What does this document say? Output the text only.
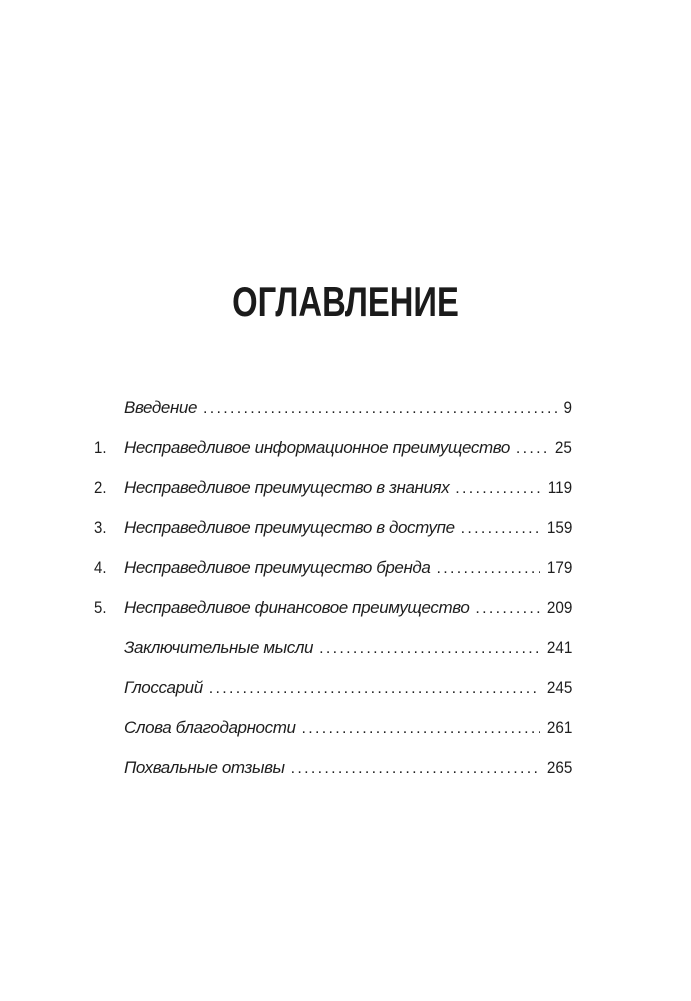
ОГЛАВЛЕНИЕ
Введение .....	9
1.	Несправедливое информационное преимущество .....	25
2.	Несправедливое преимущество в знаниях .....	119
3.	Несправедливое преимущество в доступе .....	159
4.	Несправедливое преимущество бренда .....	179
5.	Несправедливое финансовое преимущество .....	209
Заключительные мысли .....	241
Глоссарий .....	245
Слова благодарности .....	261
Похвальные отзывы .....	265
